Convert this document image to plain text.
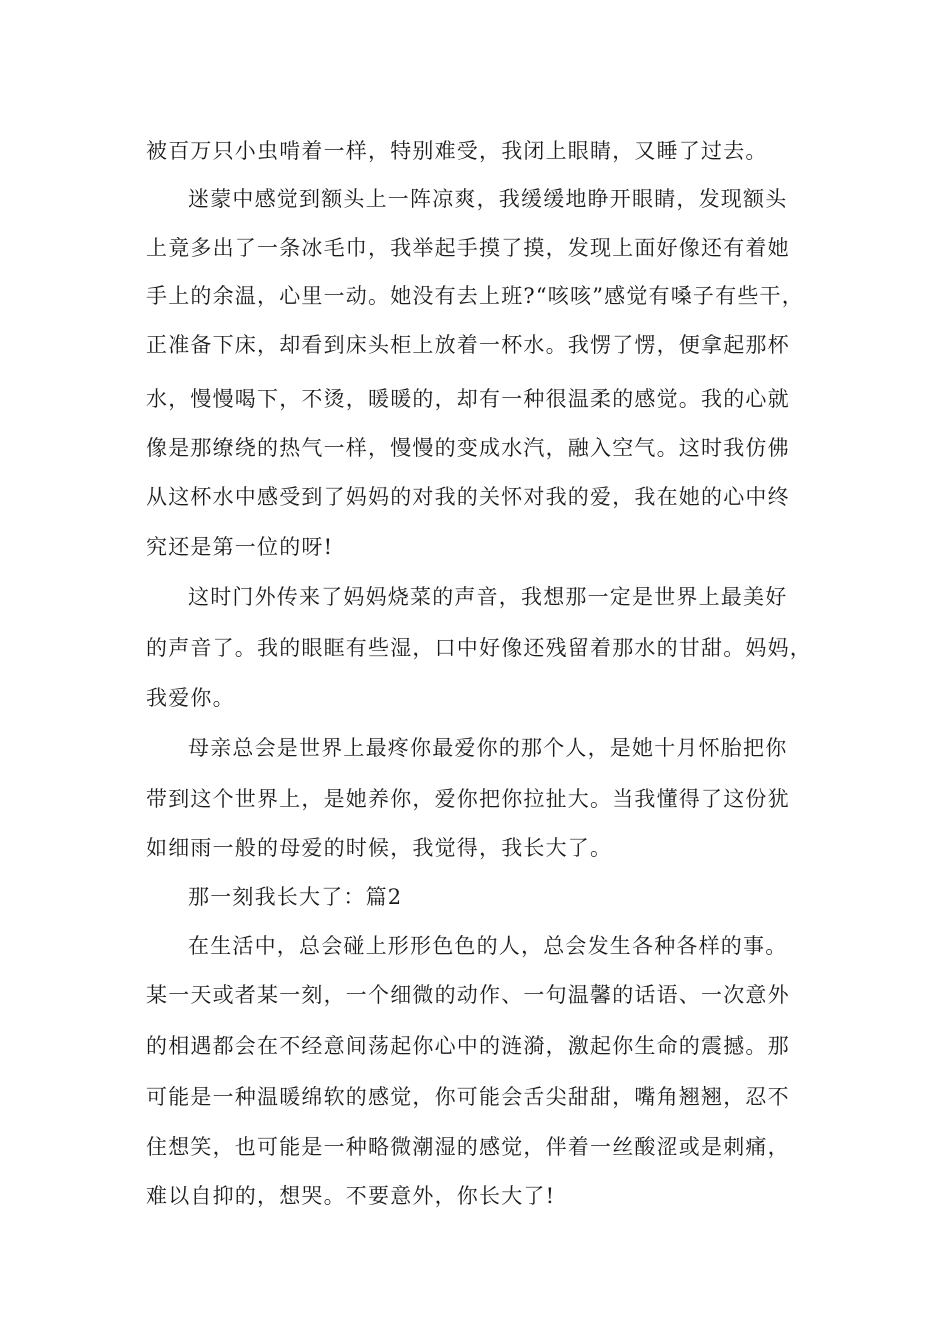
被百万只小虫啃着一样，特别难受，我闭上眼睛，又睡了过去。

迷蒙中感觉到额头上一阵凉爽，我缓缓地睁开眼睛，发现额头

上竟多出了一条冰毛巾，我举起手摸了摸，发现上面好像还有着她

手上的余温，心里一动。她没有去上班?“咳咳”感觉有嗓子有些干，

正准备下床，却看到床头柜上放着一杯水。我愣了愣，便拿起那杯

水，慢慢喝下，不烫，暖暖的，却有一种很温柔的感觉。我的心就

像是那缭绕的热气一样，慢慢的变成水汽，融入空气。这时我仿佛

从这杯水中感受到了妈妈的对我的关怀对我的爱，我在她的心中终

究还是第一位的呀!

这时门外传来了妈妈烧菜的声音，我想那一定是世界上最美好

的声音了。我的眼眶有些湿，口中好像还残留着那水的甘甜。妈妈，

我爱你。

母亲总会是世界上最疼你最爱你的那个人，是她十月怀胎把你

带到这个世界上，是她养你，爱你把你拉扯大。当我懂得了这份犹

如细雨一般的母爱的时候，我觉得，我长大了。

那一刻我长大了：篇2

在生活中，总会碰上形形色色的人，总会发生各种各样的事。

某一天或者某一刻，一个细微的动作、一句温馨的话语、一次意外

的相遇都会在不经意间荡起你心中的涟漪，激起你生命的震撼。那

可能是一种温暖绵软的感觉，你可能会舌尖甜甜，嘴角翘翘，忍不

住想笑，也可能是一种略微潮湿的感觉，伴着一丝酸涩或是刺痛，

难以自抑的，想哭。不要意外，你长大了!
